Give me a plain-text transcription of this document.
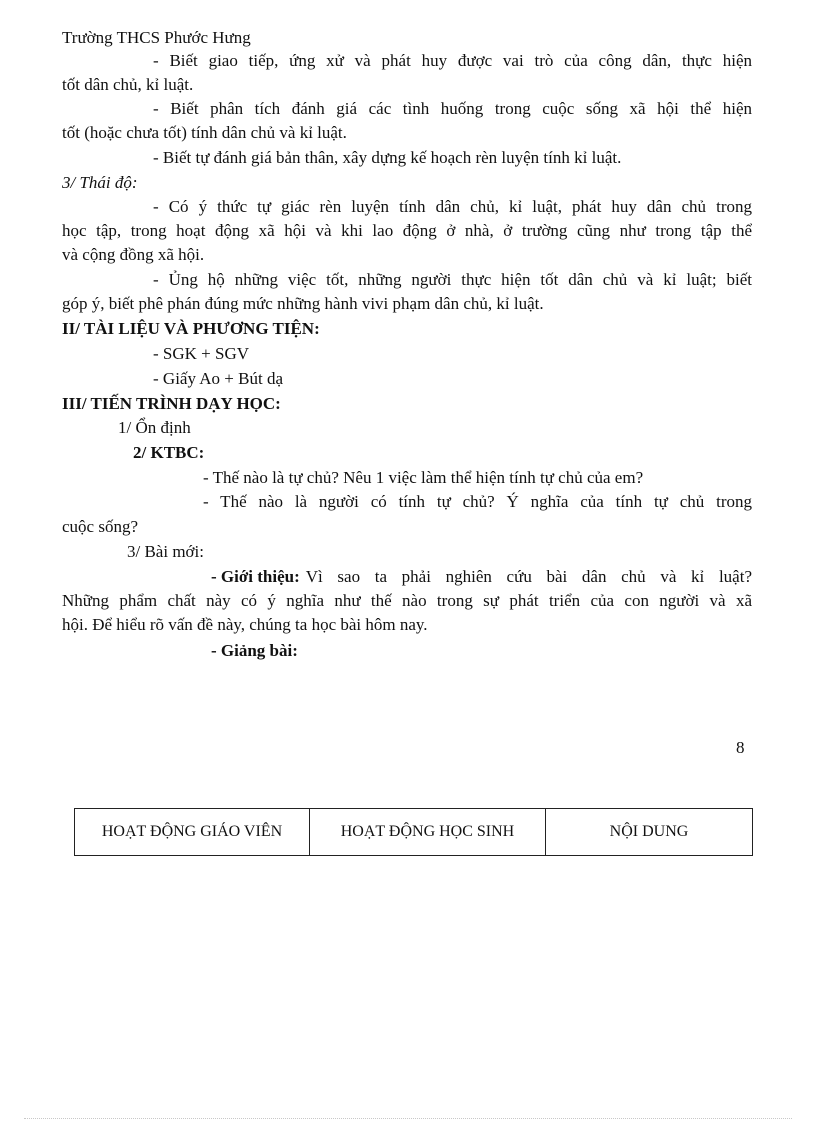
Trường THCS Phước Hưng
- Biết giao tiếp, ứng xử và phát huy được vai trò của công dân, thực hiện
tốt dân chủ, kỉ luật.
- Biết phân tích đánh giá các tình huống trong cuộc sống xã hội thể hiện
tốt (hoặc chưa tốt) tính dân chủ và kỉ luật.
- Biết tự đánh giá bản thân, xây dựng kế hoạch rèn luyện tính kỉ luật.
3/ Thái độ:
- Có ý thức tự giác rèn luyện tính dân chủ, kỉ luật, phát huy dân chủ trong
học tập, trong hoạt động xã hội và khi lao động ở nhà, ở trường cũng như trong tập thể
và cộng đồng xã hội.
- Ủng hộ những việc tốt, những người thực hiện tốt dân chủ và kỉ luật; biết
góp ý, biết phê phán đúng mức những hành vivi phạm dân chủ, kỉ luật.
II/ TÀI LIỆU VÀ PHƯƠNG TIỆN:
- SGK + SGV
- Giấy Ao + Bút dạ
III/ TIẾN TRÌNH DẠY HỌC:
1/ Ổn định
2/ KTBC:
- Thế nào là tự chủ? Nêu 1 việc làm thể hiện tính tự chủ của em?
- Thế nào là người có tính tự chủ? Ý nghĩa của tính tự chủ trong
cuộc sống?
3/ Bài mới:
- Giới thiệu: Vì sao ta phải nghiên cứu bài dân chủ và kỉ luật?
Những phẩm chất này có ý nghĩa như thế nào trong sự phát triển của con người và xã
hội. Để hiểu rõ vấn đề này, chúng ta học bài hôm nay.
- Giảng bài:
8
HOẠT ĐỘNG GIÁO VIÊN	HOẠT ĐỘNG HỌC SINH	NỘI DUNG
